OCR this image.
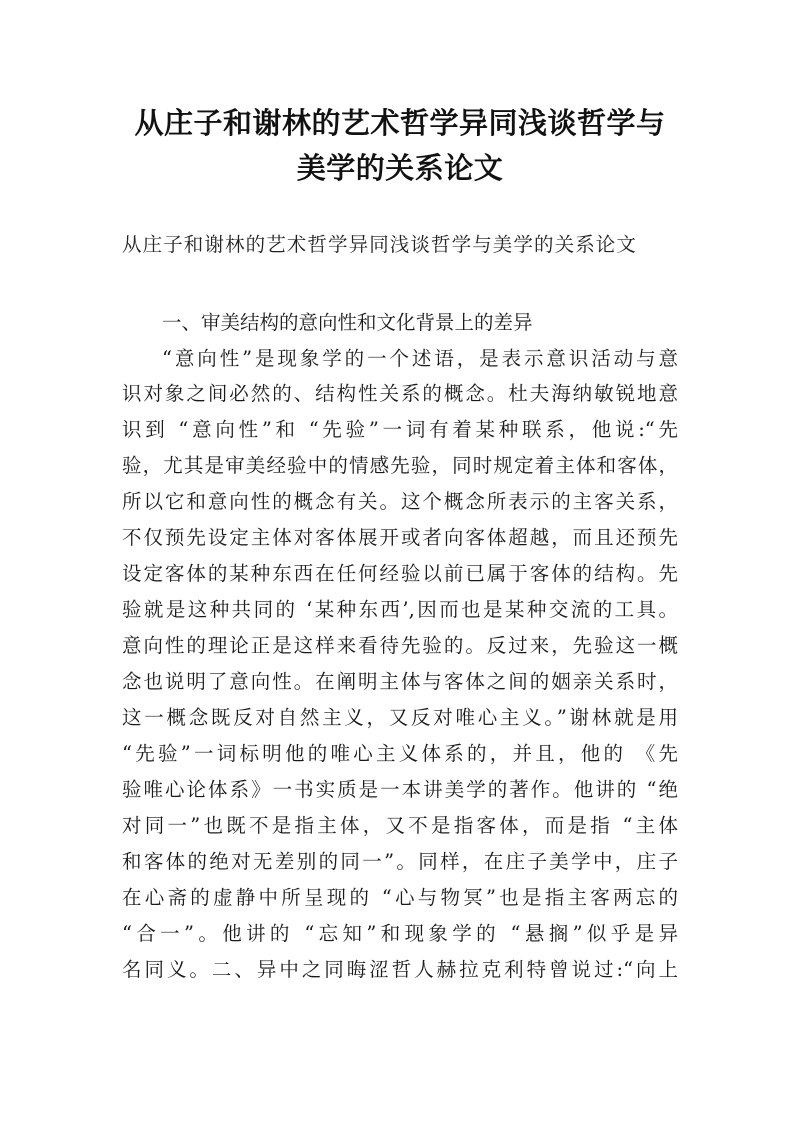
从庄子和谢林的艺术哲学异同浅谈哲学与
美学的关系论文
从庄子和谢林的艺术哲学异同浅谈哲学与美学的关系论文
一、审美结构的意向性和文化背景上的差异
“意向性”是现象学的一个述语，是表示意识活动与意
识对象之间必然的、结构性关系的概念。杜夫海纳敏锐地意
识到 “意向性”和 “先验”一词有着某种联系，他说:“先
验，尤其是审美经验中的情感先验，同时规定着主体和客体，
所以它和意向性的概念有关。这个概念所表示的主客关系，
不仅预先设定主体对客体展开或者向客体超越，而且还预先
设定客体的某种东西在任何经验以前已属于客体的结构。先
验就是这种共同的 ‘某种东西’,因而也是某种交流的工具。
意向性的理论正是这样来看待先验的。反过来，先验这一概
念也说明了意向性。在阐明主体与客体之间的姻亲关系时，
这一概念既反对自然主义，又反对唯心主义。”谢林就是用
“先验”一词标明他的唯心主义体系的，并且，他的 《先
验唯心论体系》一书实质是一本讲美学的著作。他讲的 “绝
对同一”也既不是指主体，又不是指客体，而是指 “主体
和客体的绝对无差别的同一”。同样，在庄子美学中，庄子
在心斋的虚静中所呈现的 “心与物冥”也是指主客两忘的
“合一”。他讲的 “忘知”和现象学的 “悬搁”似乎是异
名同义。二、异中之同晦涩哲人赫拉克利特曾说过:“向上
